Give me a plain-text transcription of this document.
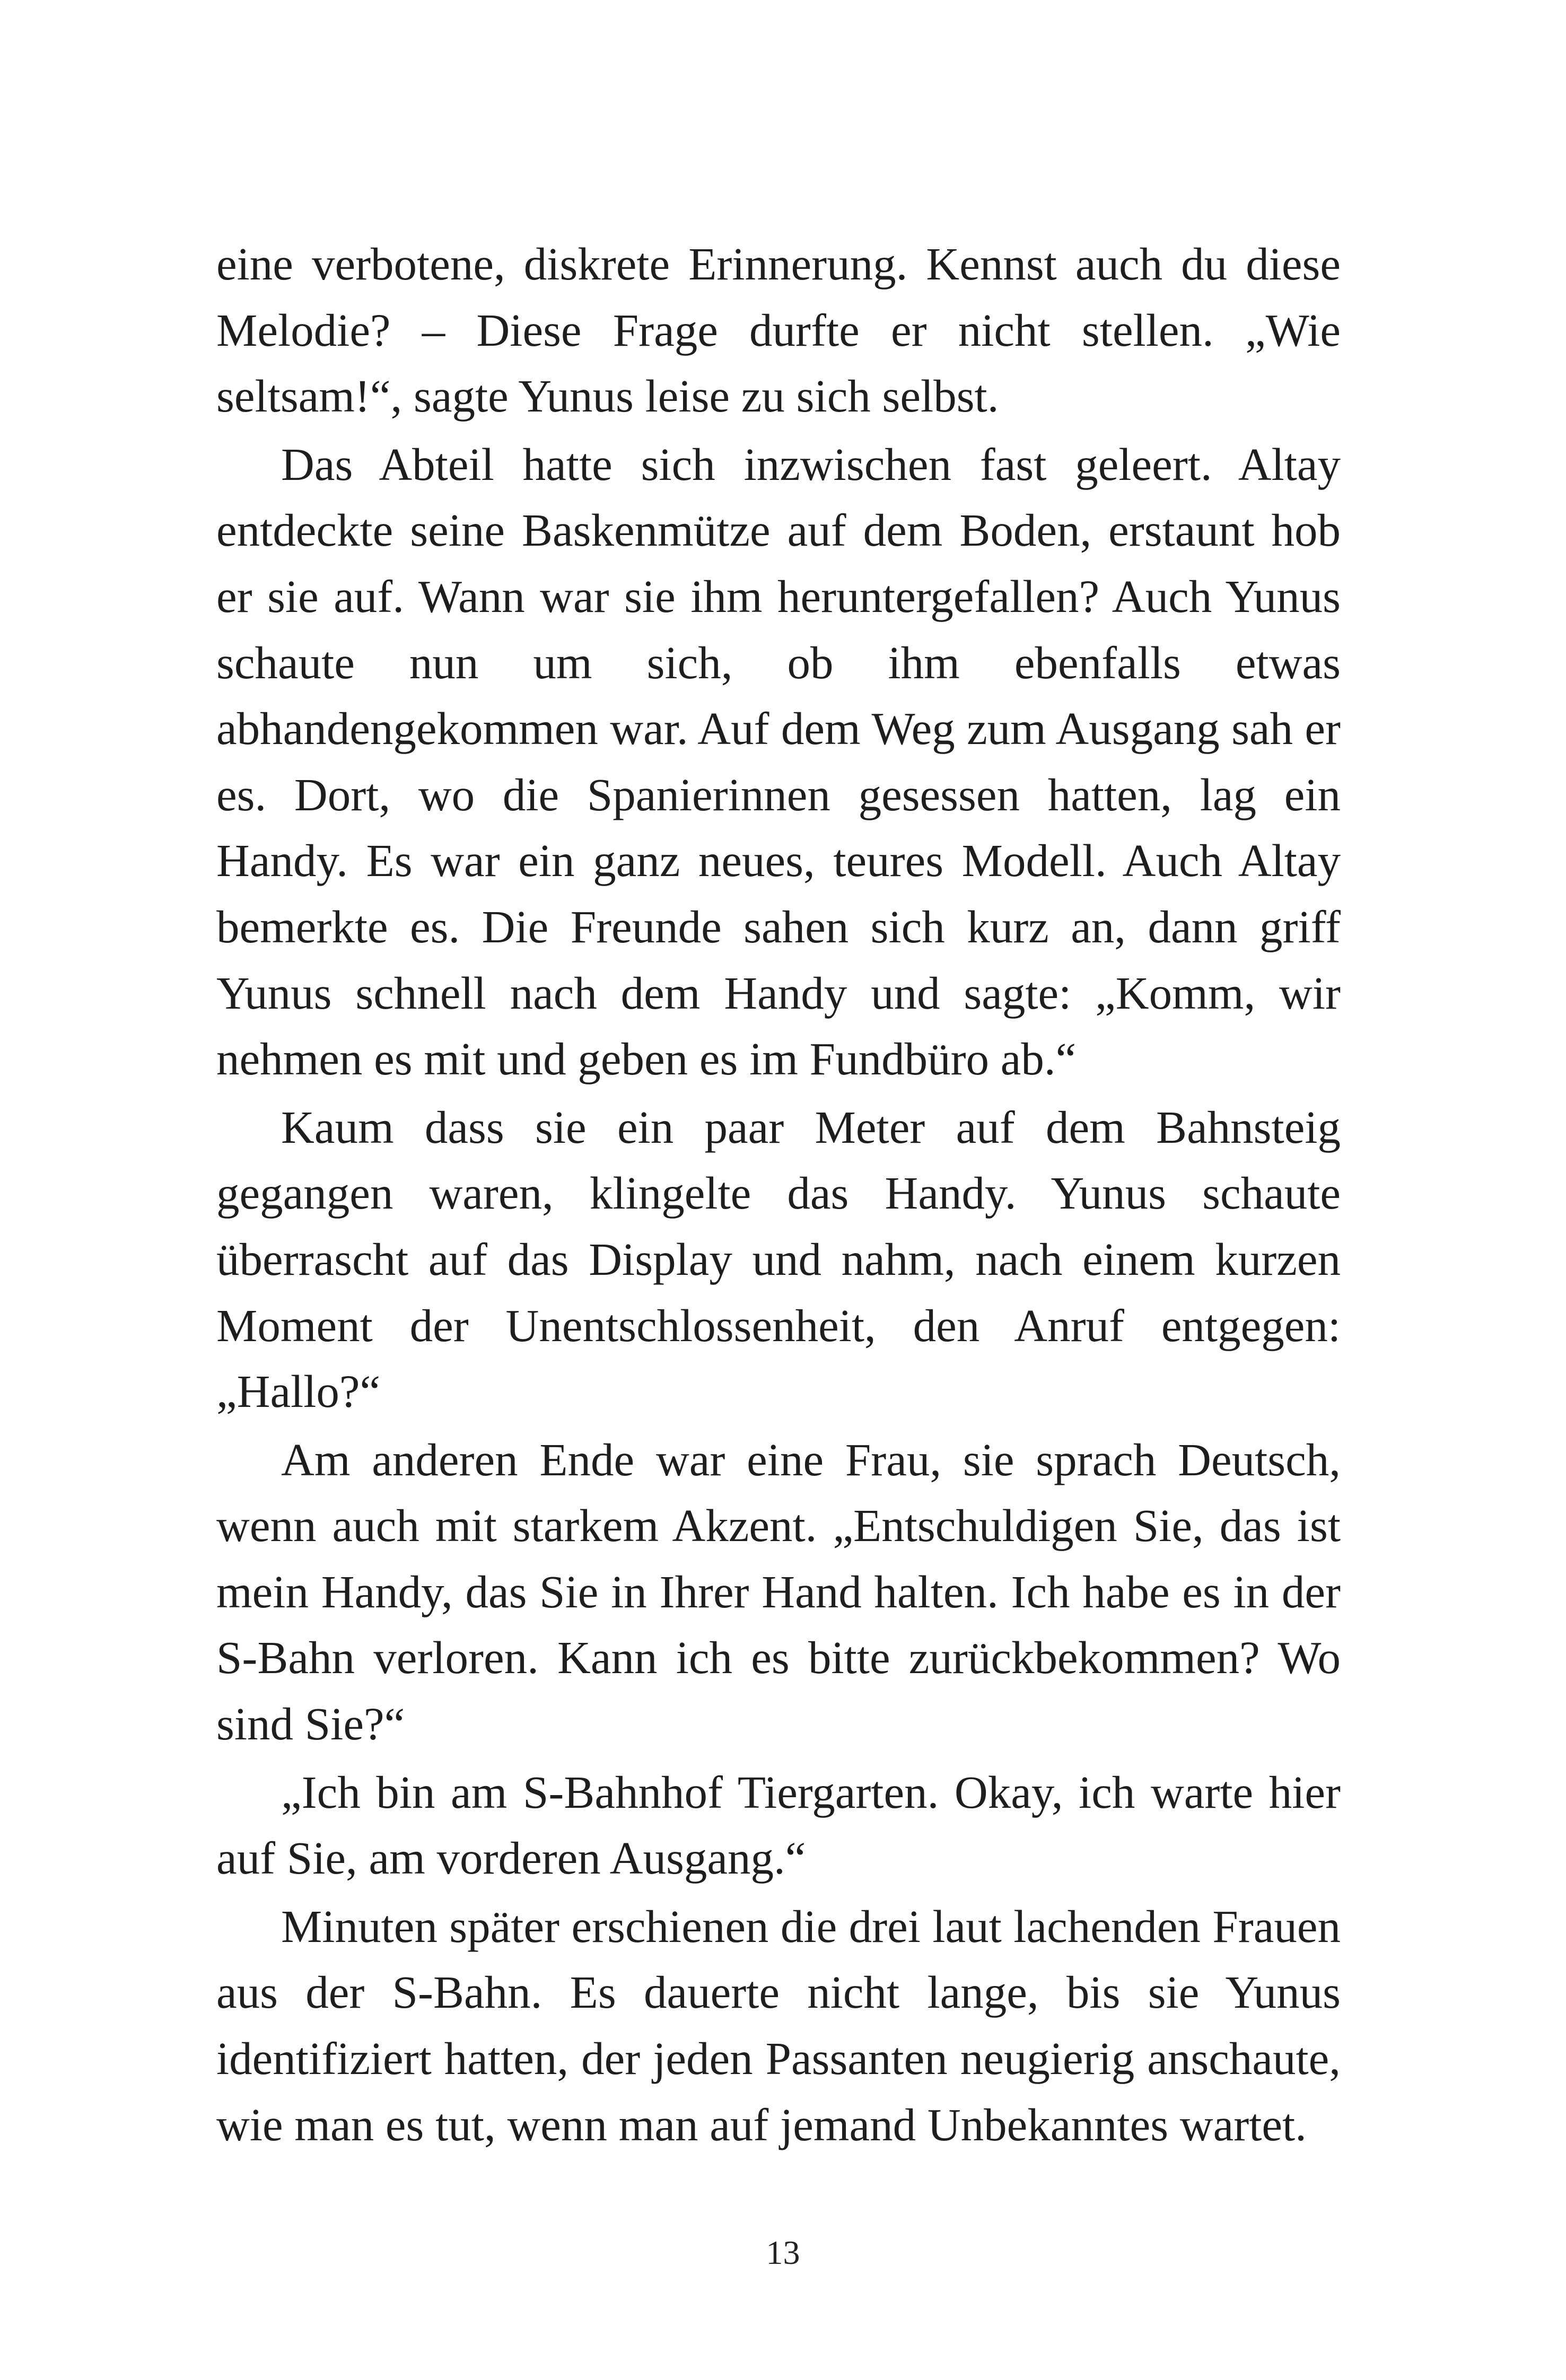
eine verbotene, diskrete Erinnerung. Kennst auch du diese Melodie? – Diese Frage durfte er nicht stellen. „Wie seltsam!“, sagte Yunus leise zu sich selbst.

Das Abteil hatte sich inzwischen fast geleert. Altay entdeckte seine Baskenmütze auf dem Boden, erstaunt hob er sie auf. Wann war sie ihm heruntergefallen? Auch Yunus schaute nun um sich, ob ihm ebenfalls etwas abhandengekommen war. Auf dem Weg zum Ausgang sah er es. Dort, wo die Spanierinnen gesessen hatten, lag ein Handy. Es war ein ganz neues, teures Modell. Auch Altay bemerkte es. Die Freunde sahen sich kurz an, dann griff Yunus schnell nach dem Handy und sagte: „Komm, wir nehmen es mit und geben es im Fundbüro ab.“

Kaum dass sie ein paar Meter auf dem Bahnsteig gegangen waren, klingelte das Handy. Yunus schaute überrascht auf das Display und nahm, nach einem kurzen Moment der Unentschlossenheit, den Anruf entgegen: „Hallo?“

Am anderen Ende war eine Frau, sie sprach Deutsch, wenn auch mit starkem Akzent. „Entschuldigen Sie, das ist mein Handy, das Sie in Ihrer Hand halten. Ich habe es in der S-Bahn verloren. Kann ich es bitte zurückbekommen? Wo sind Sie?“

„Ich bin am S-Bahnhof Tiergarten. Okay, ich warte hier auf Sie, am vorderen Ausgang.“

Minuten später erschienen die drei laut lachenden Frauen aus der S-Bahn. Es dauerte nicht lange, bis sie Yunus identifiziert hatten, der jeden Passanten neugierig anschaute, wie man es tut, wenn man auf jemand Unbekanntes wartet.

13
